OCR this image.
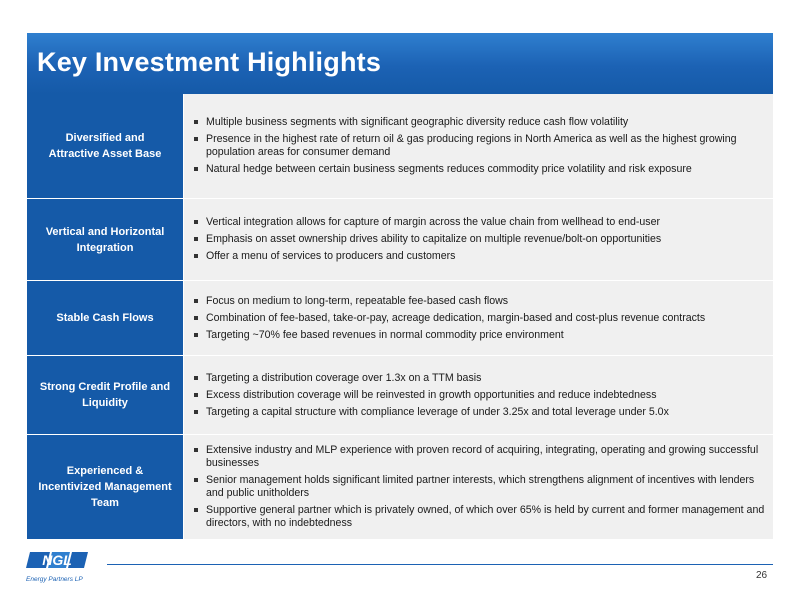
Key Investment Highlights
Diversified and
Attractive Asset Base
Multiple business segments with significant geographic diversity reduce cash flow volatility
Presence in the highest rate of return oil & gas producing regions in North America as well as the highest growing population areas for consumer demand
Natural hedge between certain business segments reduces commodity price volatility and risk exposure
Vertical and Horizontal Integration
Vertical integration allows for capture of margin across the value chain from wellhead to end-user
Emphasis on asset ownership drives ability to capitalize on multiple revenue/bolt-on opportunities
Offer a menu of services to producers and customers
Stable Cash Flows
Focus on medium to long-term, repeatable fee-based cash flows
Combination of fee-based, take-or-pay, acreage dedication, margin-based and cost-plus revenue contracts
Targeting ~70% fee based revenues in normal commodity price environment
Strong Credit Profile and Liquidity
Targeting a distribution coverage over 1.3x on a TTM basis
Excess distribution coverage will be reinvested in growth opportunities and reduce indebtedness
Targeting a capital structure with compliance leverage of under 3.25x and total leverage under 5.0x
Experienced & Incentivized Management Team
Extensive industry and MLP experience with proven record of acquiring, integrating, operating and growing successful businesses
Senior management holds significant limited partner interests, which strengthens alignment of incentives with lenders and public unitholders
Supportive general partner which is privately owned, of which over 65% is held by current and former management and directors, with no indebtedness
NGL
Energy Partners LP	26
